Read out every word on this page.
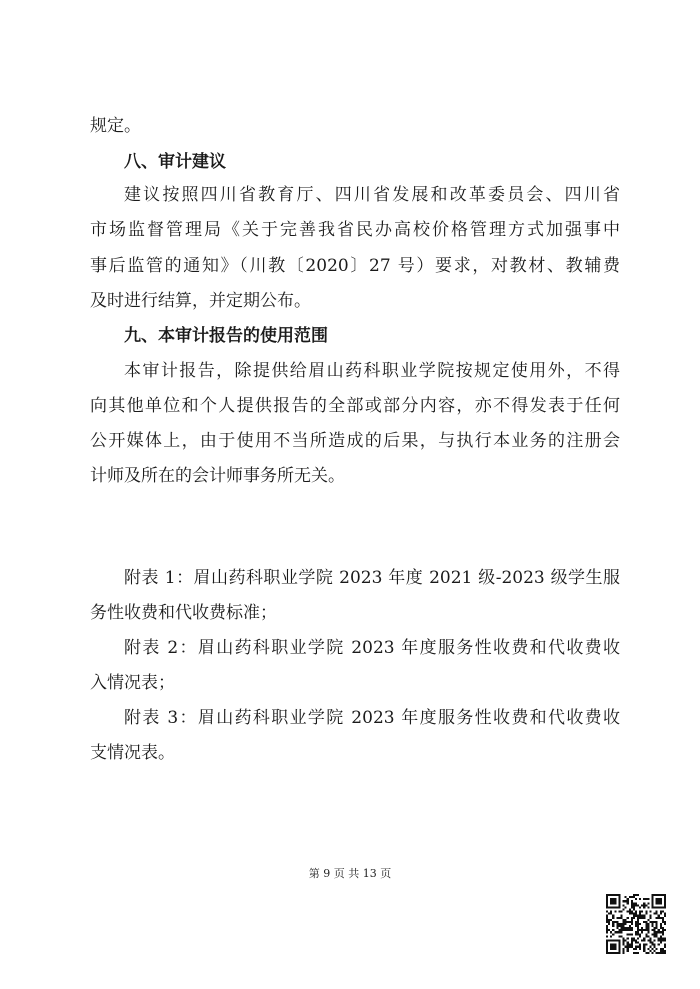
规定。

八、审计建议

建议按照四川省教育厅、四川省发展和改革委员会、四川省

市场监督管理局《关于完善我省民办高校价格管理方式加强事中

事后监管的通知》（川教〔2020〕27 号）要求，对教材、教辅费

及时进行结算，并定期公布。

九、本审计报告的使用范围

本审计报告，除提供给眉山药科职业学院按规定使用外，不得

向其他单位和个人提供报告的全部或部分内容，亦不得发表于任何

公开媒体上，由于使用不当所造成的后果，与执行本业务的注册会

计师及所在的会计师事务所无关。

附表 1：眉山药科职业学院 2023 年度 2021 级-2023 级学生服

务性收费和代收费标准；

附表 2：眉山药科职业学院 2023 年度服务性收费和代收费收

入情况表；

附表 3：眉山药科职业学院 2023 年度服务性收费和代收费收

支情况表。

第 9 页 共 13 页
